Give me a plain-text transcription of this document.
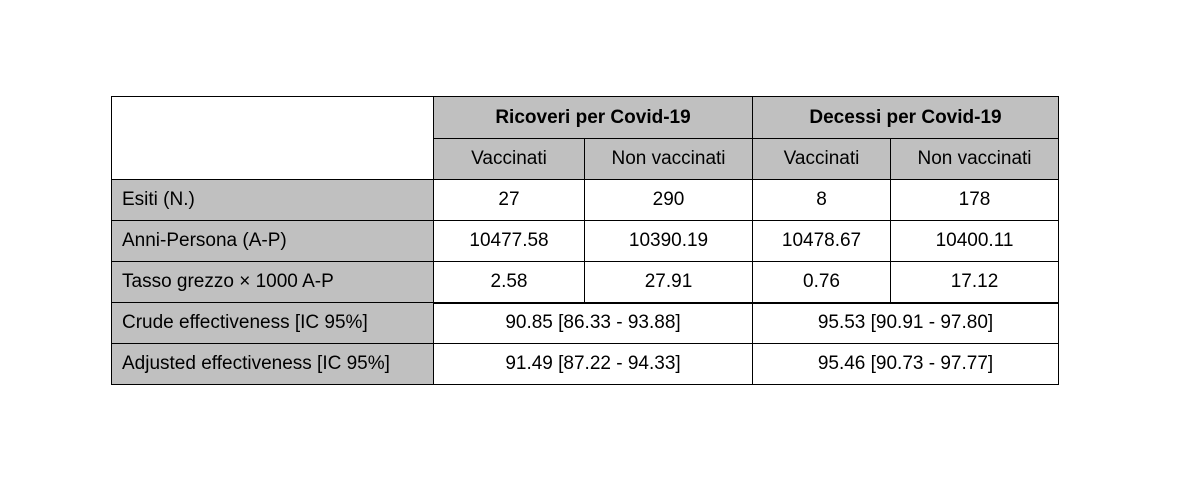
	Ricoveri per Covid-19		Decessi per Covid-19	
	Vaccinati	Non vaccinati	Vaccinati	Non vaccinati
Esiti (N.)	27	290	8	178
Anni-Persona (A-P)	10477.58	10390.19	10478.67	10400.11
Tasso grezzo × 1000 A-P	2.58	27.91	0.76	17.12
Crude effectiveness [IC 95%]	90.85 [86.33 - 93.88]		95.53 [90.91 - 97.80]	
Adjusted effectiveness [IC 95%]	91.49 [87.22 - 94.33]		95.46 [90.73 - 97.77]	
